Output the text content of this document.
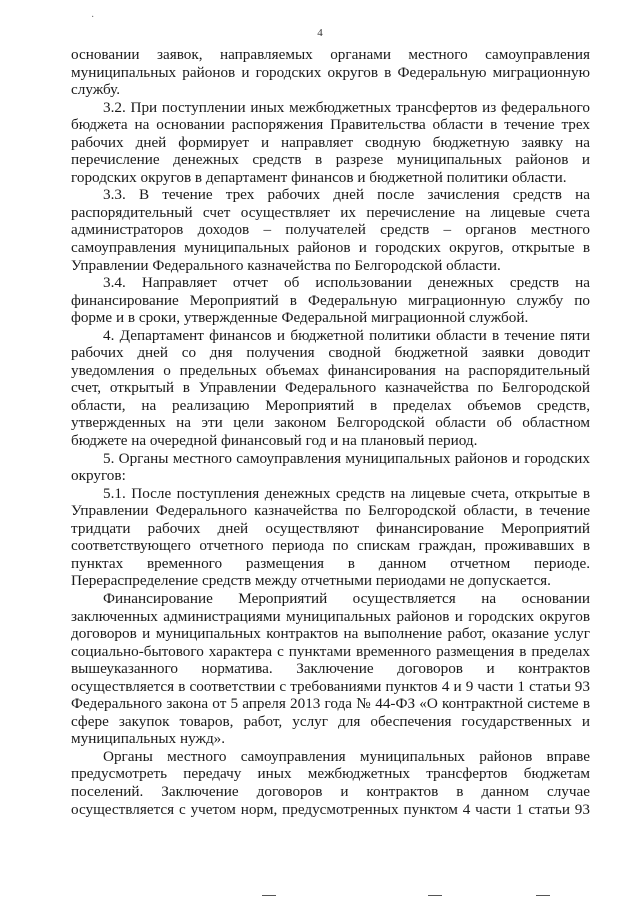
·
4

основании заявок, направляемых органами местного самоуправления муниципальных районов и городских округов в Федеральную миграционную службу.

3.2. При поступлении иных межбюджетных трансфертов из федерального бюджета на основании распоряжения Правительства области в течение трех рабочих дней формирует и направляет сводную бюджетную заявку на перечисление денежных средств в разрезе муниципальных районов и городских округов в департамент финансов и бюджетной политики области.

3.3. В течение трех рабочих дней после зачисления средств на распорядительный счет осуществляет их перечисление на лицевые счета администраторов доходов – получателей средств – органов местного самоуправления муниципальных районов и городских округов, открытые в Управлении Федерального казначейства по Белгородской области.

3.4. Направляет отчет об использовании денежных средств на финансирование Мероприятий в Федеральную миграционную службу по форме и в сроки, утвержденные Федеральной миграционной службой.

4. Департамент финансов и бюджетной политики области в течение пяти рабочих дней со дня получения сводной бюджетной заявки доводит уведомления о предельных объемах финансирования на распорядительный счет, открытый в Управлении Федерального казначейства по Белгородской области, на реализацию Мероприятий в пределах объемов средств, утвержденных на эти цели законом Белгородской области об областном бюджете на очередной финансовый год и на плановый период.

5. Органы местного самоуправления муниципальных районов и городских округов:

5.1. После поступления денежных средств на лицевые счета, открытые в Управлении Федерального казначейства по Белгородской области, в течение тридцати рабочих дней осуществляют финансирование Мероприятий соответствующего отчетного периода по спискам граждан, проживавших в пунктах временного размещения в данном отчетном периоде. Перераспределение средств между отчетными периодами не допускается.

Финансирование Мероприятий осуществляется на основании заключенных администрациями муниципальных районов и городских округов договоров и муниципальных контрактов на выполнение работ, оказание услуг социально-бытового характера с пунктами временного размещения в пределах вышеуказанного норматива. Заключение договоров и контрактов осуществляется в соответствии с требованиями пунктов 4 и 9 части 1 статьи 93 Федерального закона от 5 апреля 2013 года № 44-ФЗ «О контрактной системе в сфере закупок товаров, работ, услуг для обеспечения государственных и муниципальных нужд».

Органы местного самоуправления муниципальных районов вправе предусмотреть передачу иных межбюджетных трансфертов бюджетам поселений. Заключение договоров и контрактов в данном случае осуществляется с учетом норм, предусмотренных пунктом 4 части 1 статьи 93
